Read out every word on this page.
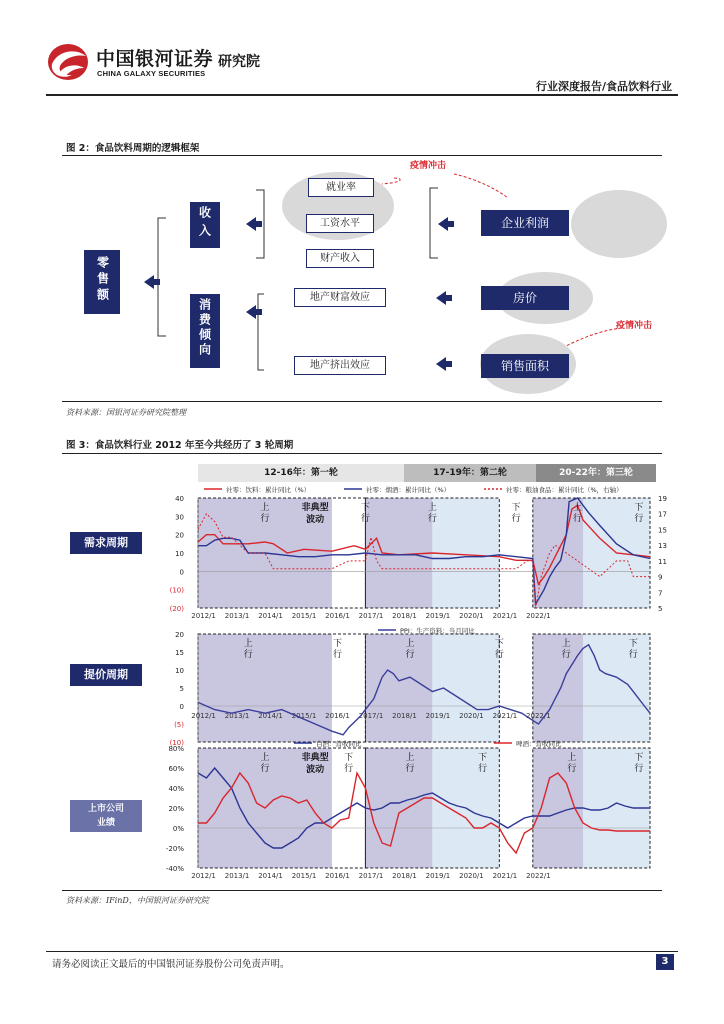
中国银河证券
CHINA GALAXY SECURITIES
研究院
行业深度报告/食品饮料行业
图 2：食品饮料周期的逻辑框架
零售额
收入
消费倾向
就业率
工资水平
财产收入
地产财富效应
地产挤出效应
企业利润
房价
销售面积
疫情冲击
疫情冲击
资料来源：国银河证券研究院整理
图 3：食品饮料行业 2012 年至今共经历了 3 轮周期
12-16年：第一轮	17-19年：第二轮	20-22年：第三轮
需求周期
提价周期
上市公司
业绩
40
30
20
10
0
(10)
(20)
19
17
15
13
11
9
7
5
2012/1 2013/1 2014/1 2015/1 2016/1 2017/1 2018/1 2019/1 2020/1 2021/1 2022/1
社零：饮料：累计同比（%）	社零：烟酒：累计同比（%）	社零：粮油食品：累计同比（%，右轴）
上
行
上
行
上
行
下
行
下
行
下
行
非典型
波动
20
15
10
5
0
(5)
(10)
2012/1 2013/1 2014/1 2015/1 2016/1 2017/1 2018/1 2019/1 2020/1 2021/1 2022/1
PPI：生产资料：当月同比
上
行
下
行
上
行
下
行
上
行
下
行
80%
60%
40%
20%
0%
-20%
-40%
2012/1 2013/1 2014/1 2015/1 2016/1 2017/1 2018/1 2019/1 2020/1 2021/1 2022/1
白酒：营收同比	啤酒：营收同比
上
行
下
行
上
行
下
行
上
行
下
行
非典型
波动
资料来源：IFinD，中国银河证券研究院
请务必阅读正文最后的中国银河证券股份公司免责声明。	3
